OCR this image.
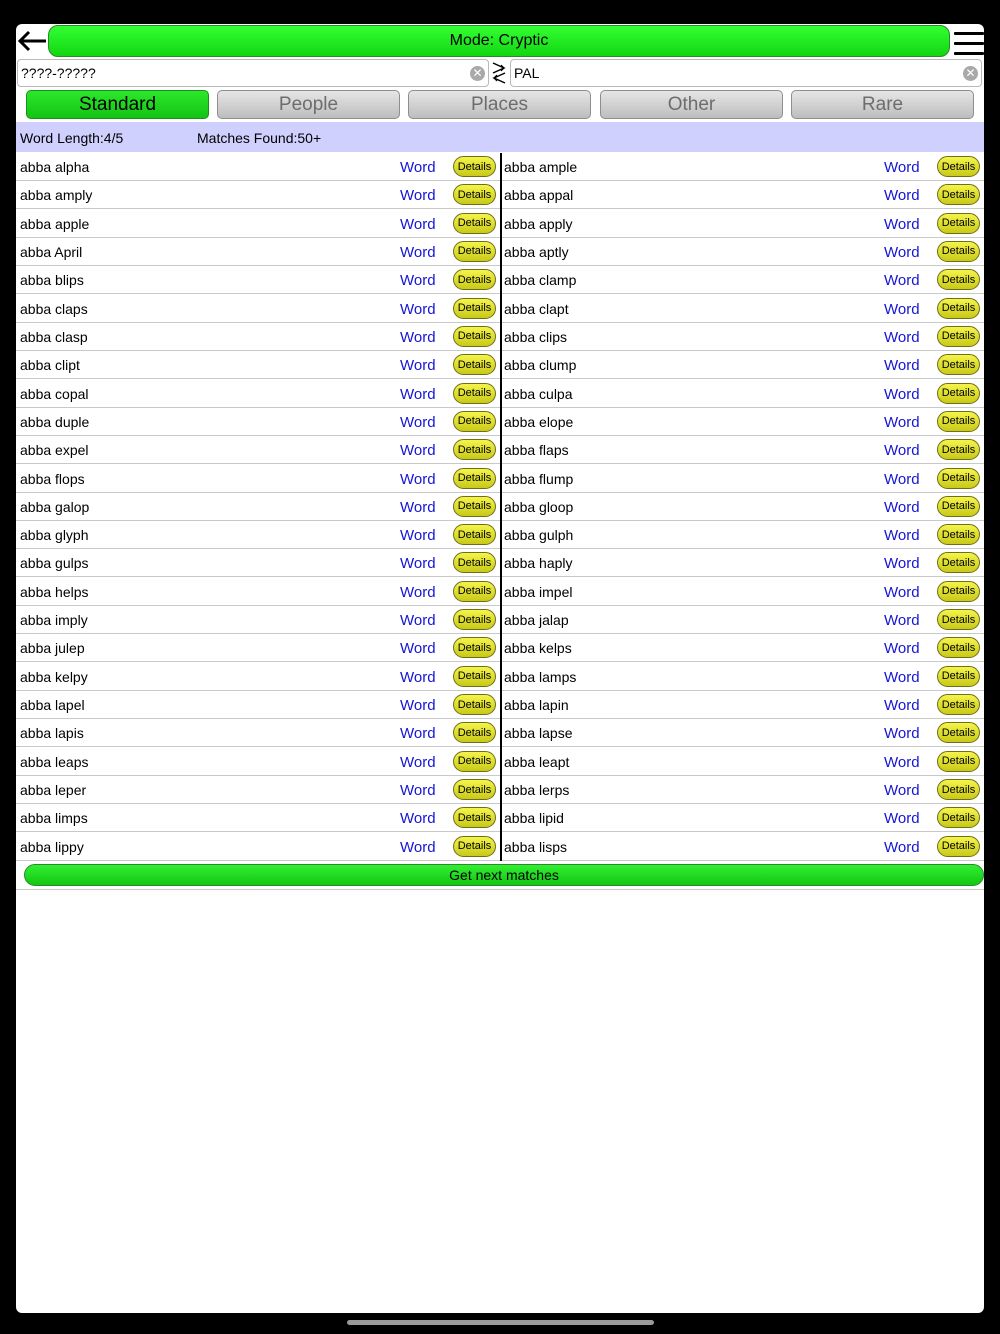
Mode: Cryptic
????-?????
✕
PAL	✕
Standard	People	Places	Other	Rare
Word Length:4/5	Matches Found:50+
abba alpha	Word	Details abba ample	Word	Details
abba amply	Word	Details abba appal	Word	Details
abba apple	Word	Details abba apply	Word	Details
abba April	Word	Details abba aptly	Word	Details
abba blips	Word	Details abba clamp	Word	Details
abba claps	Word	Details abba clapt	Word	Details
abba clasp	Word	Details abba clips	Word	Details
abba clipt	Word	Details abba clump	Word	Details
abba copal	Word	Details abba culpa	Word	Details
abba duple	Word	Details abba elope	Word	Details
abba expel	Word	Details abba flaps	Word	Details
abba flops	Word	Details abba flump	Word	Details
abba galop	Word	Details abba gloop	Word	Details
abba glyph	Word	Details abba gulph	Word	Details
abba gulps	Word	Details abba haply	Word	Details
abba helps	Word	Details abba impel	Word	Details
abba imply	Word	Details abba jalap	Word	Details
abba julep	Word	Details abba kelps	Word	Details
abba kelpy	Word	Details abba lamps	Word	Details
abba lapel	Word	Details abba lapin	Word	Details
abba lapis	Word	Details abba lapse	Word	Details
abba leaps	Word	Details abba leapt	Word	Details
abba leper	Word	Details abba lerps	Word	Details
abba limps	Word	Details abba lipid	Word	Details
abba lippy	Word	Details abba lisps	Word	Details
Get next matches
